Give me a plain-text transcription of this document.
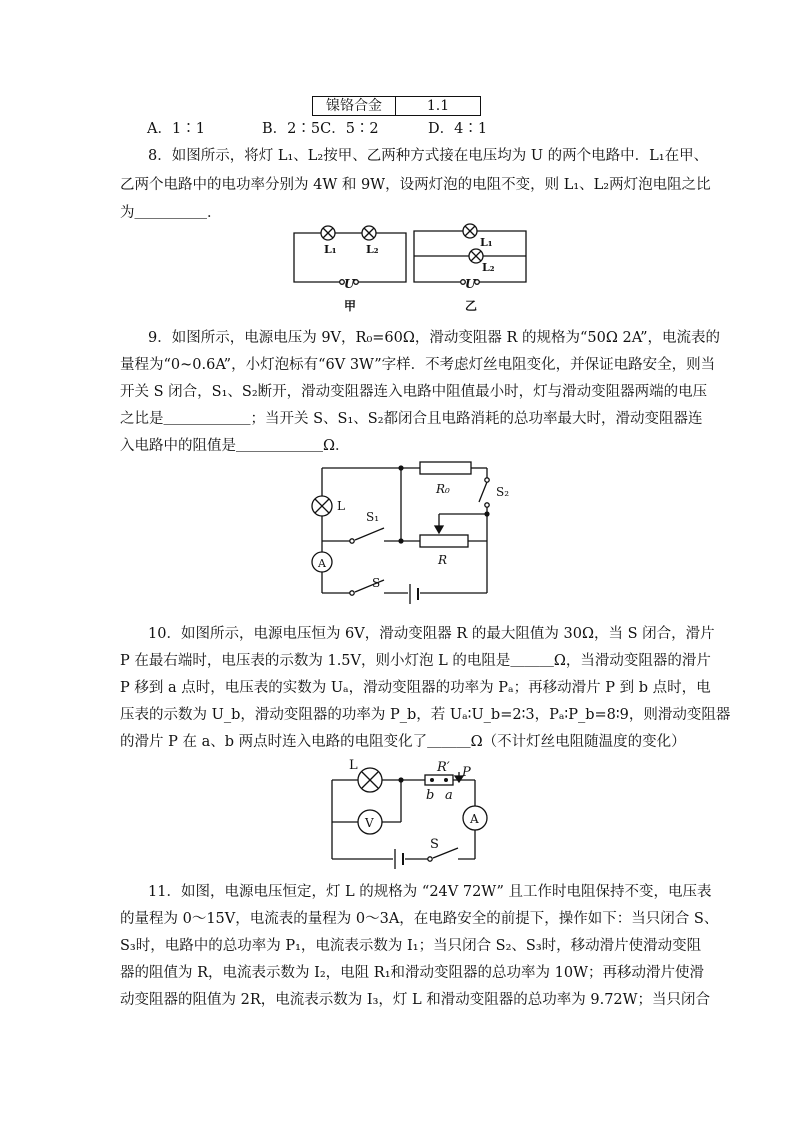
镍铬合金	1.1
A．1∶1	B．2∶5C．5∶2	D．4∶1
8．如图所示，将灯 L₁、L₂按甲、乙两种方式接在电压均为 U 的两个电路中．L₁在甲、
乙两个电路中的电功率分别为 4W 和 9W，设两灯泡的电阻不变，则 L₁、L₂两灯泡电阻之比
为＿＿＿＿＿．
L₁	L₂
U
甲
L₁
L₂
U
乙
9．如图所示，电源电压为 9V，R₀=60Ω，滑动变阻器 R 的规格为“50Ω 2A”，电流表的
量程为“0~0.6A”，小灯泡标有“6V 3W”字样．不考虑灯丝电阻变化，并保证电路安全，则当
开关 S 闭合，S₁、S₂断开，滑动变阻器连入电路中阻值最小时，灯与滑动变阻器两端的电压
之比是＿＿＿＿＿＿；当开关 S、S₁、S₂都闭合且电路消耗的总功率最大时，滑动变阻器连
入电路中的阻值是＿＿＿＿＿＿Ω．
L
A
S₁
S
S₂
R₀
R
10．如图所示，电源电压恒为 6V，滑动变阻器 R 的最大阻值为 30Ω，当 S 闭合，滑片
P 在最右端时，电压表的示数为 1.5V，则小灯泡 L 的电阻是＿＿＿Ω，当滑动变阻器的滑片
P 移到 a 点时，电压表的实数为 Uₐ，滑动变阻器的功率为 Pₐ；再移动滑片 P 到 b 点时，电
压表的示数为 U_b，滑动变阻器的功率为 P_b，若 Uₐ∶U_b=2∶3，Pₐ∶P_b=8∶9，则滑动变阻器
的滑片 P 在 a、b 两点时连入电路的电阻变化了＿＿＿Ω（不计灯丝电阻随温度的变化）
L	R′ P
b a
V	A
S
11．如图，电源电压恒定，灯 L 的规格为 “24V 72W” 且工作时电阻保持不变，电压表
的量程为 0～15V，电流表的量程为 0～3A，在电路安全的前提下，操作如下：当只闭合 S、
S₃时，电路中的总功率为 P₁，电流表示数为 I₁；当只闭合 S₂、S₃时，移动滑片使滑动变阻
器的阻值为 R，电流表示数为 I₂，电阻 R₁和滑动变阻器的总功率为 10W；再移动滑片使滑
动变阻器的阻值为 2R，电流表示数为 I₃，灯 L 和滑动变阻器的总功率为 9.72W；当只闭合
